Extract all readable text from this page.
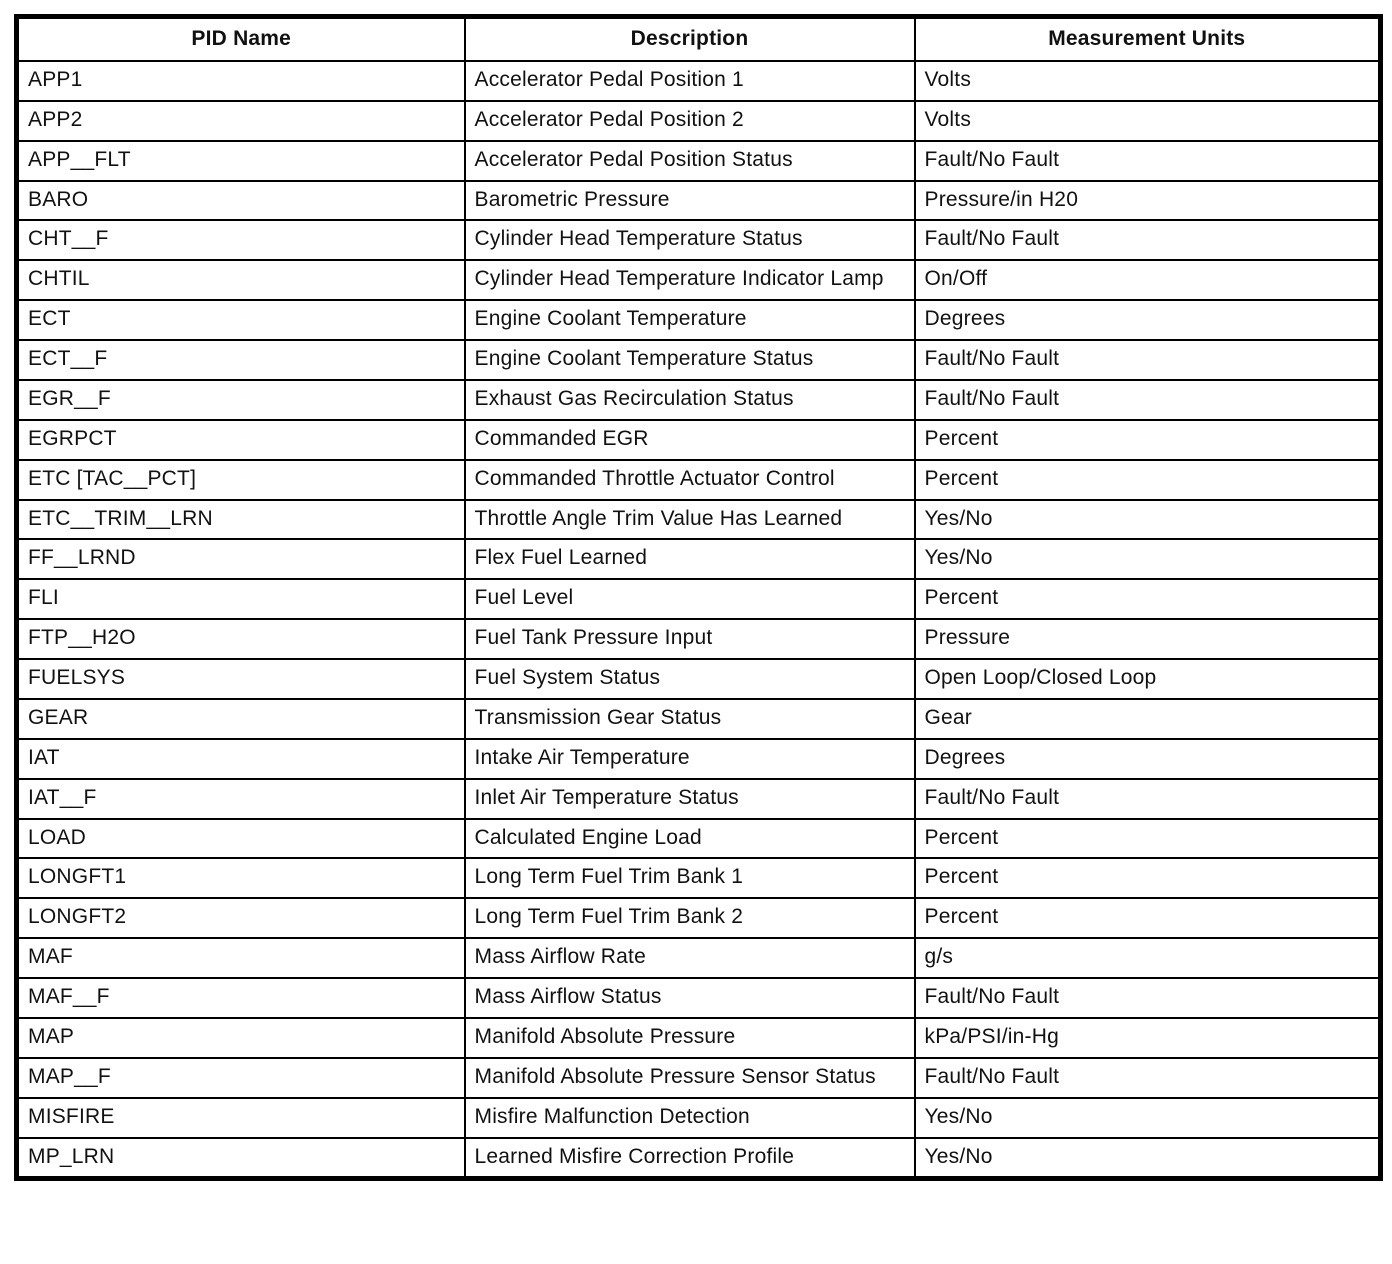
PID Name	Description	Measurement Units
APP1	Accelerator Pedal Position 1	Volts
APP2	Accelerator Pedal Position 2	Volts
APP__FLT	Accelerator Pedal Position Status	Fault/No Fault
BARO	Barometric Pressure	Pressure/in H20
CHT__F	Cylinder Head Temperature Status	Fault/No Fault
CHTIL	Cylinder Head Temperature Indicator Lamp	On/Off
ECT	Engine Coolant Temperature	Degrees
ECT__F	Engine Coolant Temperature Status	Fault/No Fault
EGR__F	Exhaust Gas Recirculation Status	Fault/No Fault
EGRPCT	Commanded EGR	Percent
ETC [TAC__PCT]	Commanded Throttle Actuator Control	Percent
ETC__TRIM__LRN	Throttle Angle Trim Value Has Learned	Yes/No
FF__LRND	Flex Fuel Learned	Yes/No
FLI	Fuel Level	Percent
FTP__H2O	Fuel Tank Pressure Input	Pressure
FUELSYS	Fuel System Status	Open Loop/Closed Loop
GEAR	Transmission Gear Status	Gear
IAT	Intake Air Temperature	Degrees
IAT__F	Inlet Air Temperature Status	Fault/No Fault
LOAD	Calculated Engine Load	Percent
LONGFT1	Long Term Fuel Trim Bank 1	Percent
LONGFT2	Long Term Fuel Trim Bank 2	Percent
MAF	Mass Airflow Rate	g/s
MAF__F	Mass Airflow Status	Fault/No Fault
MAP	Manifold Absolute Pressure	kPa/PSI/in-Hg
MAP__F	Manifold Absolute Pressure Sensor Status	Fault/No Fault
MISFIRE	Misfire Malfunction Detection	Yes/No
MP_LRN	Learned Misfire Correction Profile	Yes/No
